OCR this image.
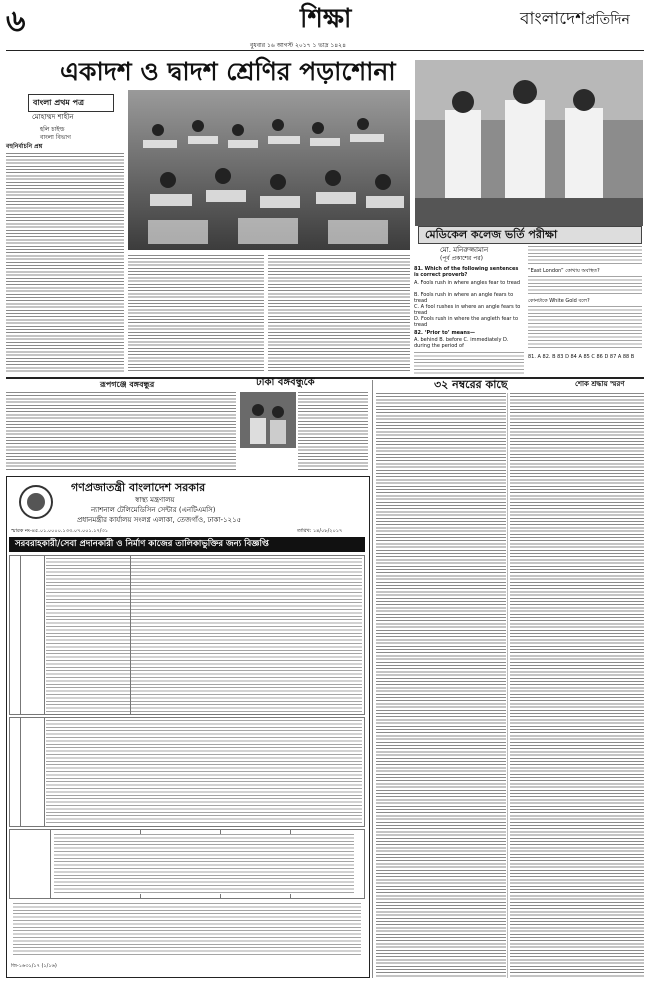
৬	শিক্ষা	বাংলাদেশপ্রতিদিন
বুধবার ১৬ আগস্ট ২০১৭ ১ ভাদ্র ১৪২৪
একাদশ ও দ্বাদশ শ্রেণির পড়াশোনা
বাংলা প্রথম পত্র
মোহাম্মদ শাহীন
হলি চাইল্ড
বাংলা বিভাগ
বহুনির্বাচনি প্রশ্ন
মেডিকেল কলেজ ভর্তি পরীক্ষা
মো. মনিরুজ্জামান
(পূর্ব প্রকাশের পর)
81. Which of the following sentences is correct proverb?
A. Fools rush in where angles fear to tread
B. Fools rush in where an angle fears to tread
C. A fool rushes in where an angle fears to tread
D. Fools rush in where the angleth fear to tread
82. ‘Prior to’ means—
A. behind B. before C. immediately D. during the period of
“East London” কোথায় অবস্থিত?
কোনটাকে White Gold বলে?
81. A 82. B 83 D 84 A 85 C 86 D 87 A 88 B
রূপগঞ্জে বঙ্গবন্ধুর	ঢাকা বঙ্গবন্ধুকে	৩২ নম্বরের কাছে	শোক শ্রদ্ধায় স্মরণ
গণপ্রজাতন্ত্রী বাংলাদেশ সরকার
স্বাস্থ্য মন্ত্রণালয়
ন্যাশনাল টেলিমেডিসিন সেন্টার (এনটিএমসি)
প্রধানমন্ত্রীর কার্যালয় সংলগ্ন এলাকা, তেজগাঁও, ঢাকা-১২১৫
স্মারক নং-৪৫.০১.০০০০.১৩৩.০৭.০০১.১৭/৩১	তারিখ: ১৪/০৮/২০১৭
সরবরাহকারী/সেবা প্রদানকারী ও নির্মাণ কাজের তালিকাভুক্তির জন্য বিজ্ঞপ্তি
জি-১৬৩১/১৭ (১/১৬)
